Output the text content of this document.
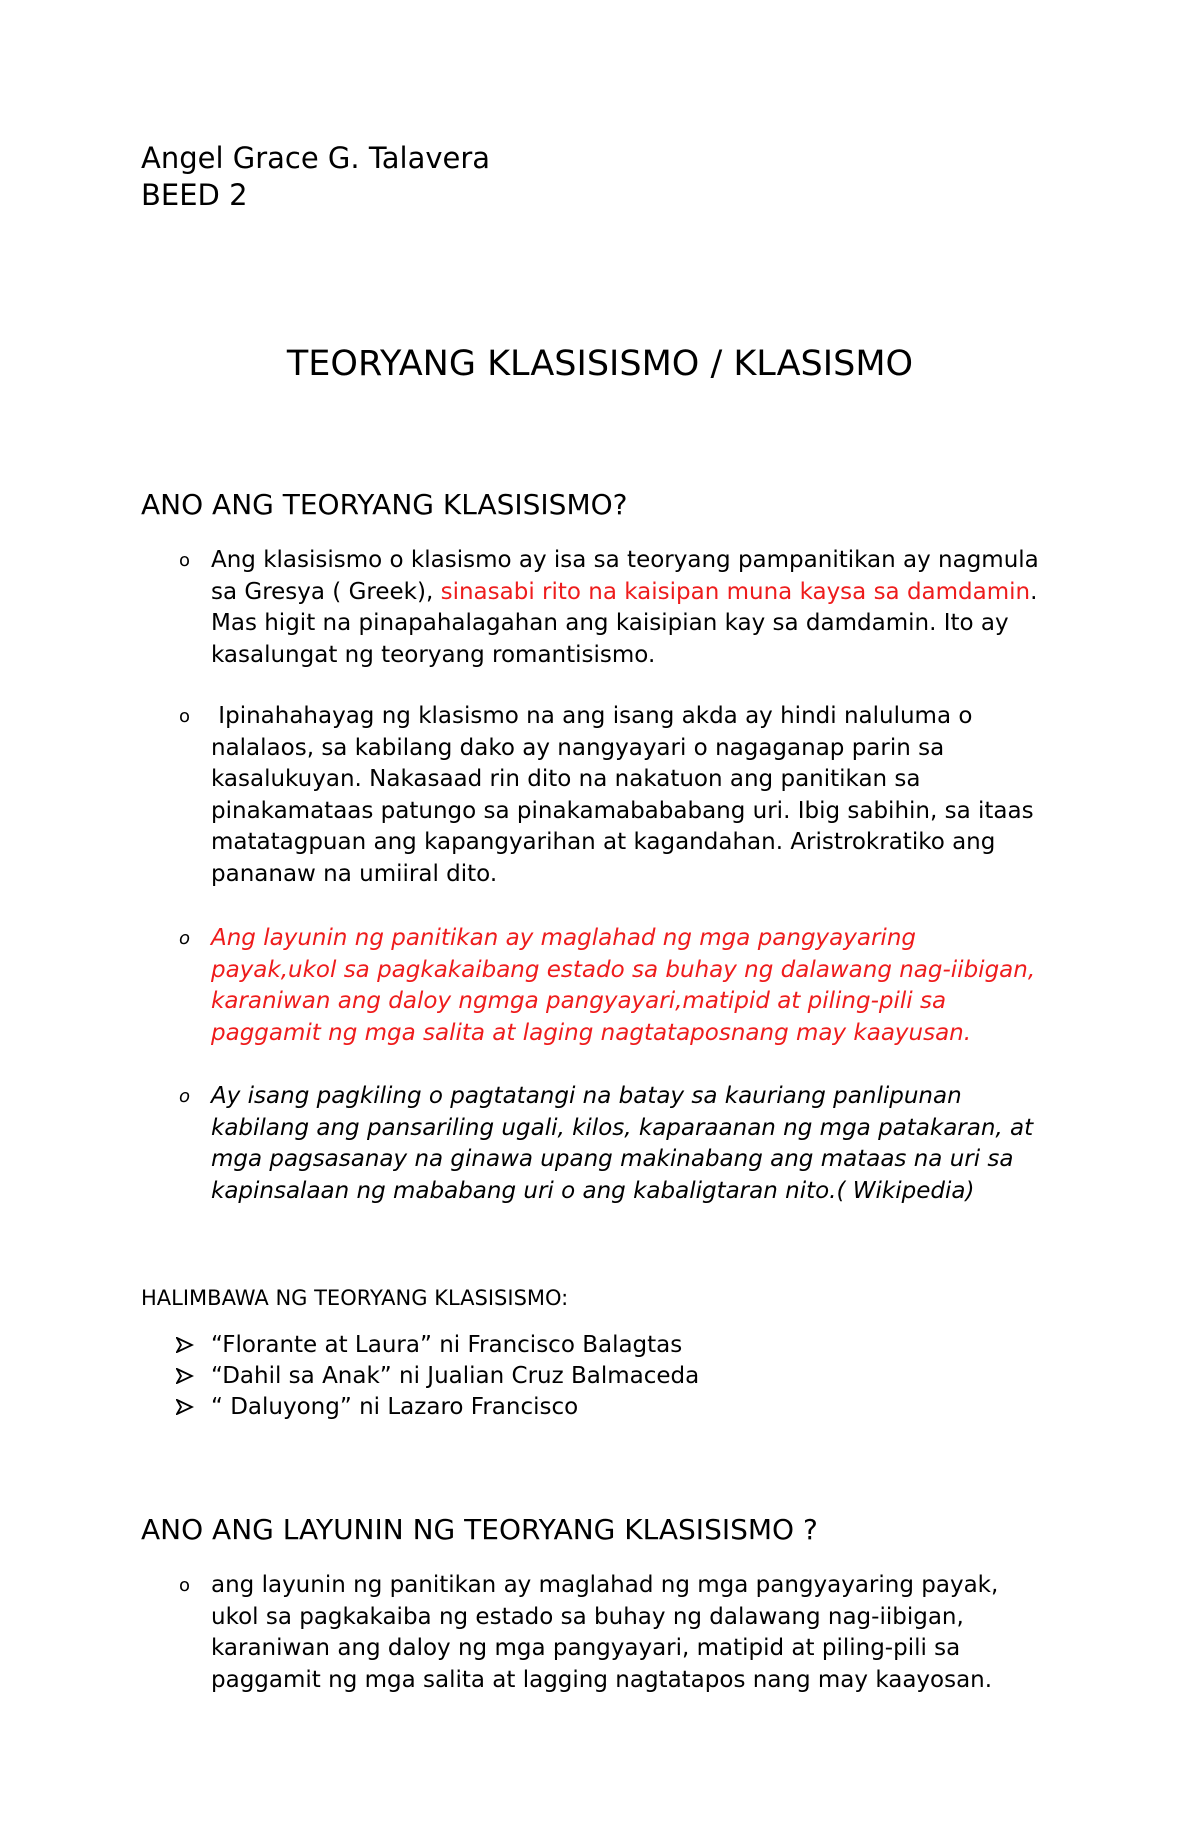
Angel Grace G. Talavera
BEED 2
TEORYANG KLASISISMO / KLASISMO
ANO ANG TEORYANG KLASISISMO?
o Ang klasisismo o klasismo ay isa sa teoryang pampanitikan ay nagmula

sa Gresya ( Greek), sinasabi rito na kaisipan muna kaysa sa damdamin.

Mas higit na pinapahalagahan ang kaisipian kay sa damdamin. Ito ay

kasalungat ng teoryang romantisismo.

o Ipinahahayag ng klasismo na ang isang akda ay hindi naluluma o

nalalaos, sa kabilang dako ay nangyayari o nagaganap parin sa

kasalukuyan. Nakasaad rin dito na nakatuon ang panitikan sa

pinakamataas patungo sa pinakamabababang uri. Ibig sabihin, sa itaas

matatagpuan ang kapangyarihan at kagandahan. Aristrokratiko ang

pananaw na umiiral dito.

o Ang layunin ng panitikan ay maglahad ng mga pangyayaring

payak,ukol sa pagkakaibang estado sa buhay ng dalawang nag-iibigan,

karaniwan ang daloy ngmga pangyayari,matipid at piling-pili sa

paggamit ng mga salita at laging nagtataposnang may kaayusan.

o Ay isang pagkiling o pagtatangi na batay sa kauriang panlipunan

kabilang ang pansariling ugali, kilos, kaparaanan ng mga patakaran, at

mga pagsasanay na ginawa upang makinabang ang mataas na uri sa

kapinsalaan ng mababang uri o ang kabaligtaran nito.( Wikipedia)

HALIMBAWA NG TEORYANG KLASISISMO:
“Florante at Laura” ni Francisco Balagtas
“Dahil sa Anak” ni Jualian Cruz Balmaceda
“ Daluyong” ni Lazaro Francisco
ANO ANG LAYUNIN NG TEORYANG KLASISISMO ?
o ang layunin ng panitikan ay maglahad ng mga pangyayaring payak,

ukol sa pagkakaiba ng estado sa buhay ng dalawang nag-iibigan,

karaniwan ang daloy ng mga pangyayari, matipid at piling-pili sa

paggamit ng mga salita at lagging nagtatapos nang may kaayosan.
